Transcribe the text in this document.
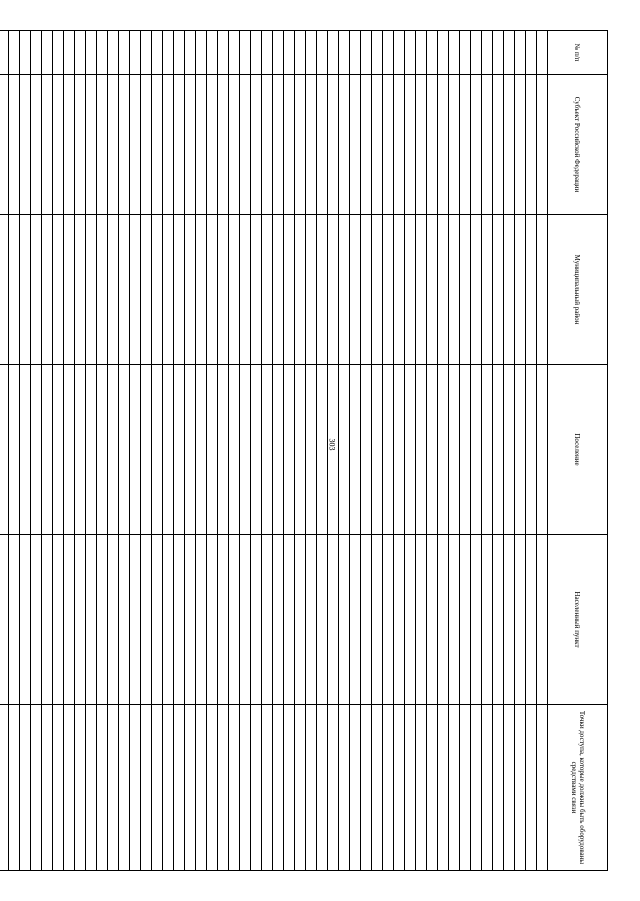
303
№ п/п	Субъект Российской Федерации	Муниципальный район	Поселение	Населенный пункт	Точки доступа, которые должны быть оборудованы средствами связи
